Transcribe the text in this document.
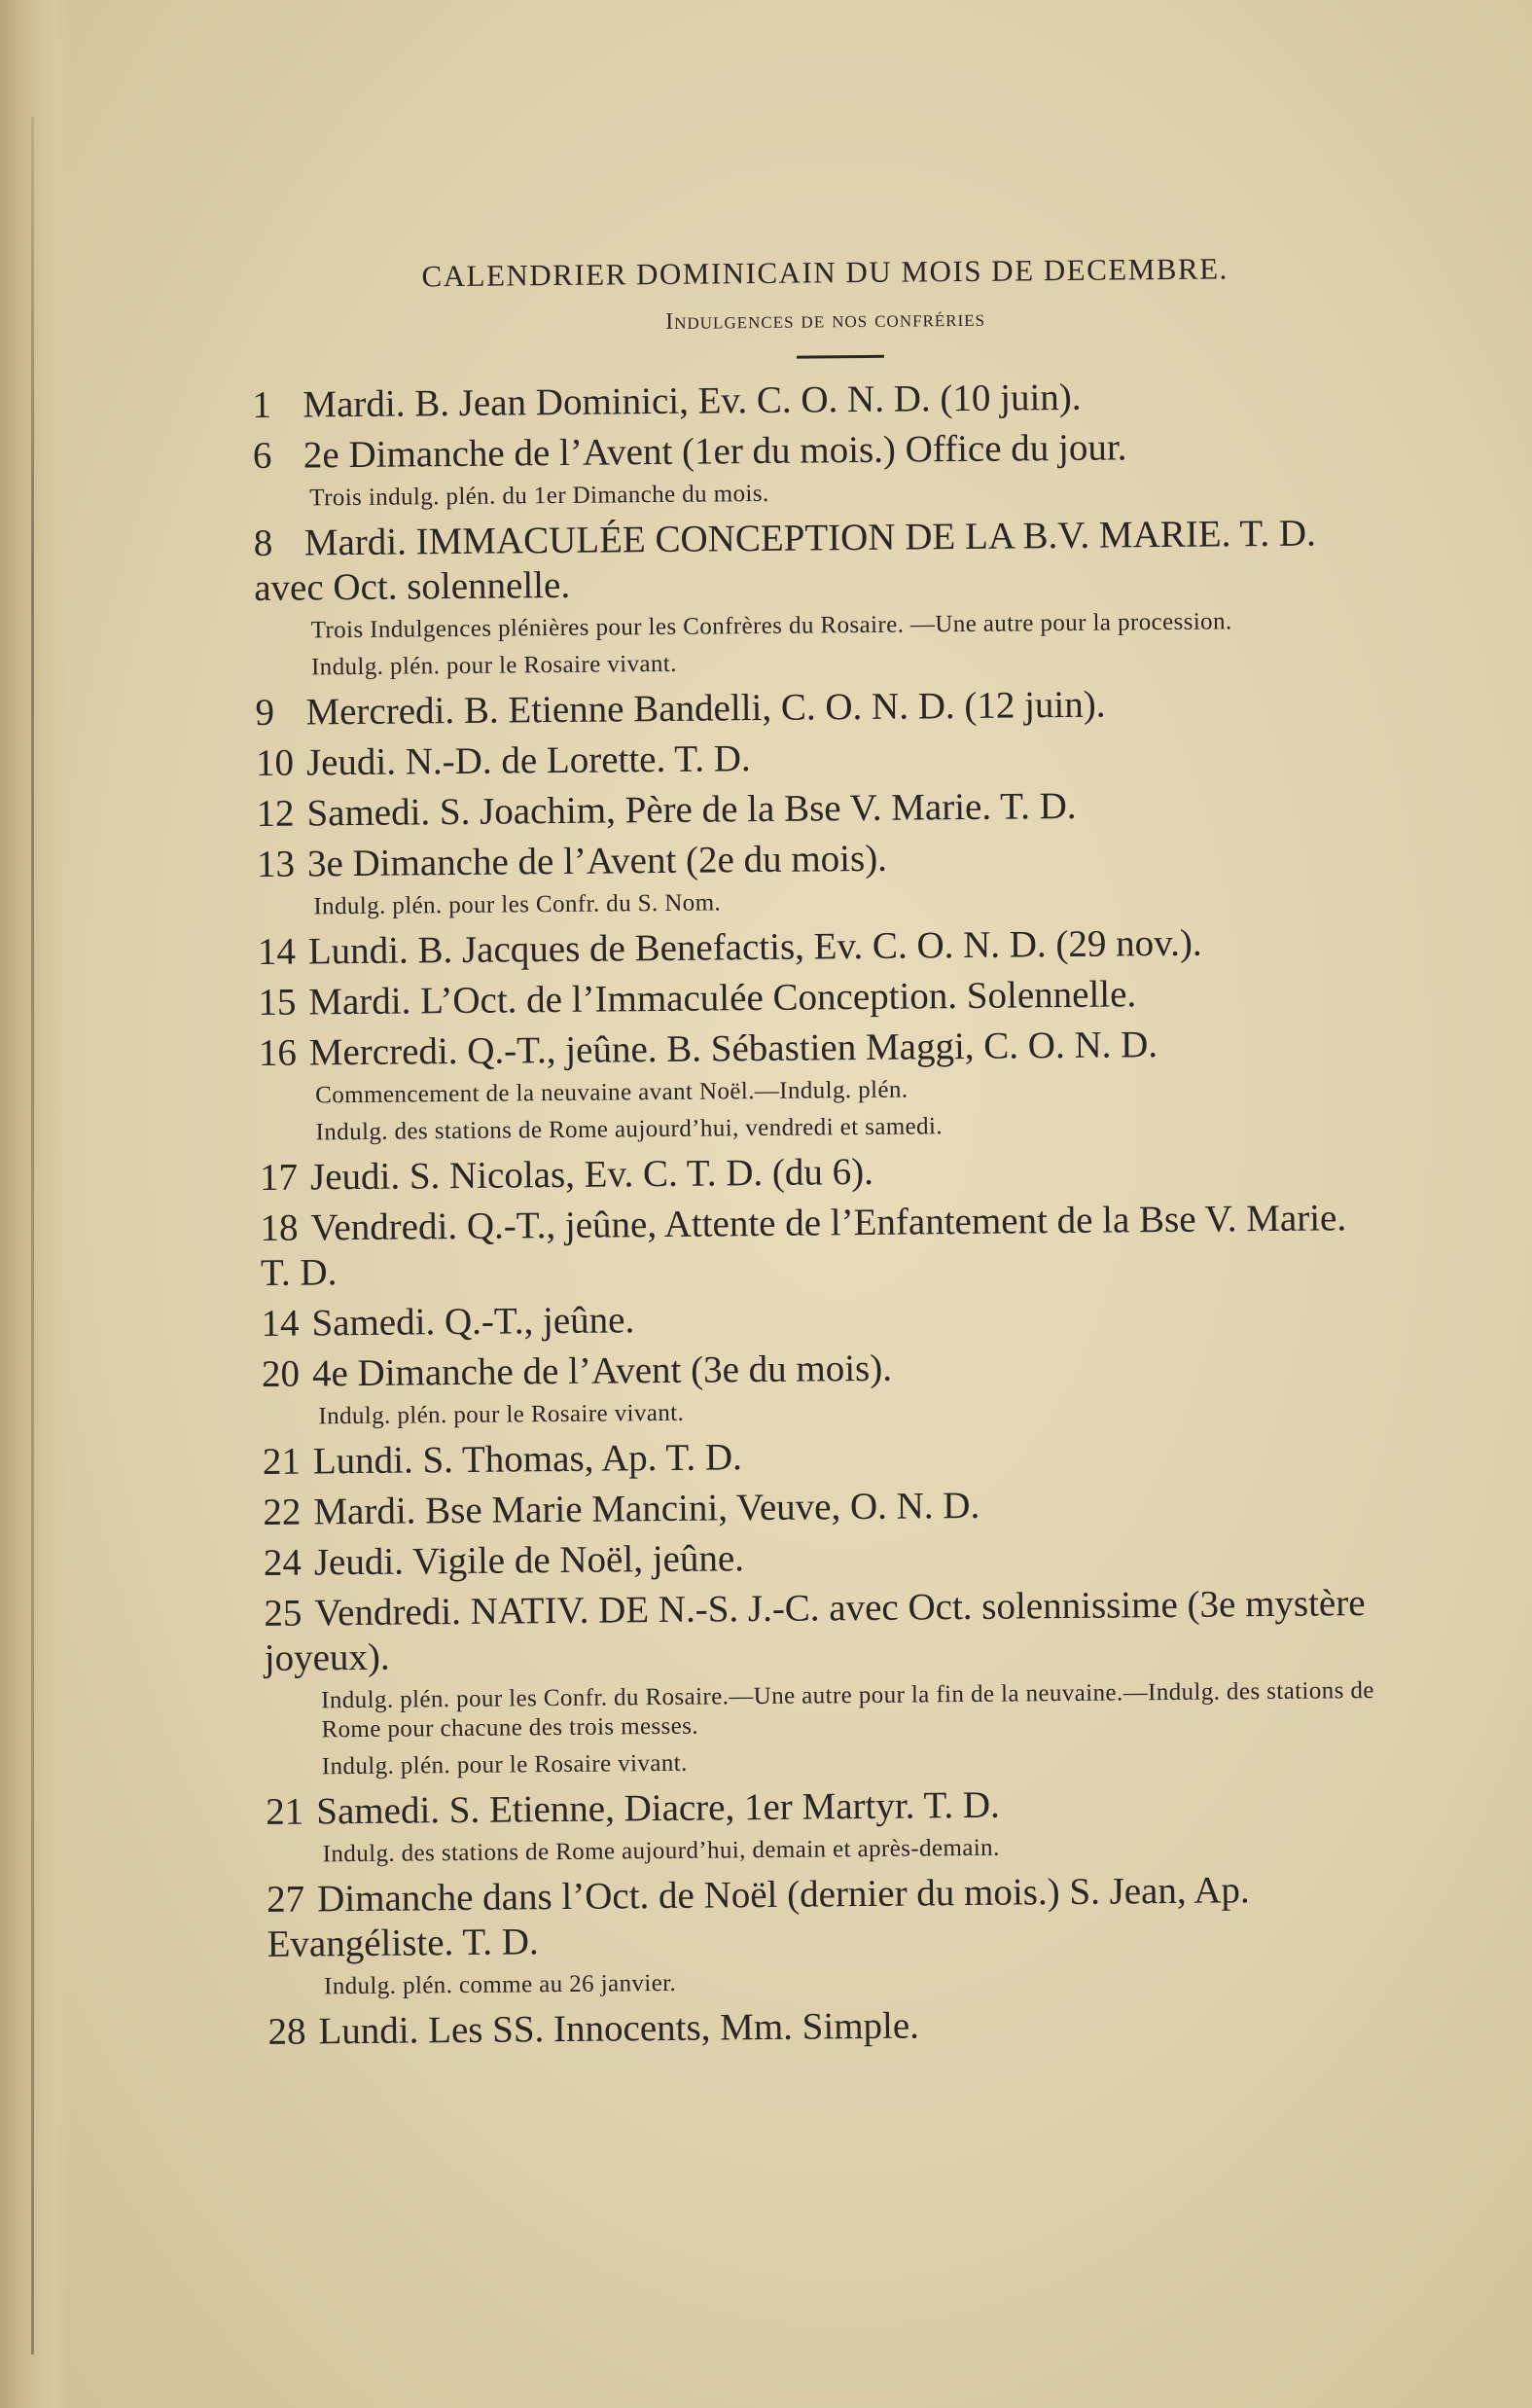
CALENDRIER DOMINICAIN DU MOIS DE DECEMBRE.
Indulgences de nos confréries
1 Mardi. B. Jean Dominici, Ev. C. O. N. D. (10 juin).
6 2e Dimanche de l’Avent (1er du mois.) Office du jour.
Trois indulg. plén. du 1er Dimanche du mois.
8 Mardi. IMMACULÉE CONCEPTION DE LA B.V. MARIE. T. D. avec Oct. solennelle.
Trois Indulgences plénières pour les Confrères du Rosaire. —Une autre pour la procession.
Indulg. plén. pour le Rosaire vivant.
9 Mercredi. B. Etienne Bandelli, C. O. N. D. (12 juin).
10 Jeudi. N.-D. de Lorette. T. D.
12 Samedi. S. Joachim, Père de la Bse V. Marie. T. D.
13 3e Dimanche de l’Avent (2e du mois).
Indulg. plén. pour les Confr. du S. Nom.
14 Lundi. B. Jacques de Benefactis, Ev. C. O. N. D. (29 nov.).
15 Mardi. L’Oct. de l’Immaculée Conception. Solennelle.
16 Mercredi. Q.-T., jeûne. B. Sébastien Maggi, C. O. N. D.
Commencement de la neuvaine avant Noël.—Indulg. plén.
Indulg. des stations de Rome aujourd’hui, vendredi et samedi.
17 Jeudi. S. Nicolas, Ev. C. T. D. (du 6).
18 Vendredi. Q.-T., jeûne, Attente de l’Enfantement de la Bse V. Marie. T. D.
14 Samedi. Q.-T., jeûne.
20 4e Dimanche de l’Avent (3e du mois).
Indulg. plén. pour le Rosaire vivant.
21 Lundi. S. Thomas, Ap. T. D.
22 Mardi. Bse Marie Mancini, Veuve, O. N. D.
24 Jeudi. Vigile de Noël, jeûne.
25 Vendredi. NATIV. DE N.-S. J.-C. avec Oct. solennissime (3e mystère joyeux).
Indulg. plén. pour les Confr. du Rosaire.—Une autre pour la fin de la neuvaine.—Indulg. des stations de Rome pour chacune des trois messes.
Indulg. plén. pour le Rosaire vivant.
21 Samedi. S. Etienne, Diacre, 1er Martyr. T. D.
Indulg. des stations de Rome aujourd’hui, demain et après-demain.
27 Dimanche dans l’Oct. de Noël (dernier du mois.) S. Jean, Ap. Evangéliste. T. D.
Indulg. plén. comme au 26 janvier.
28 Lundi. Les SS. Innocents, Mm. Simple.
